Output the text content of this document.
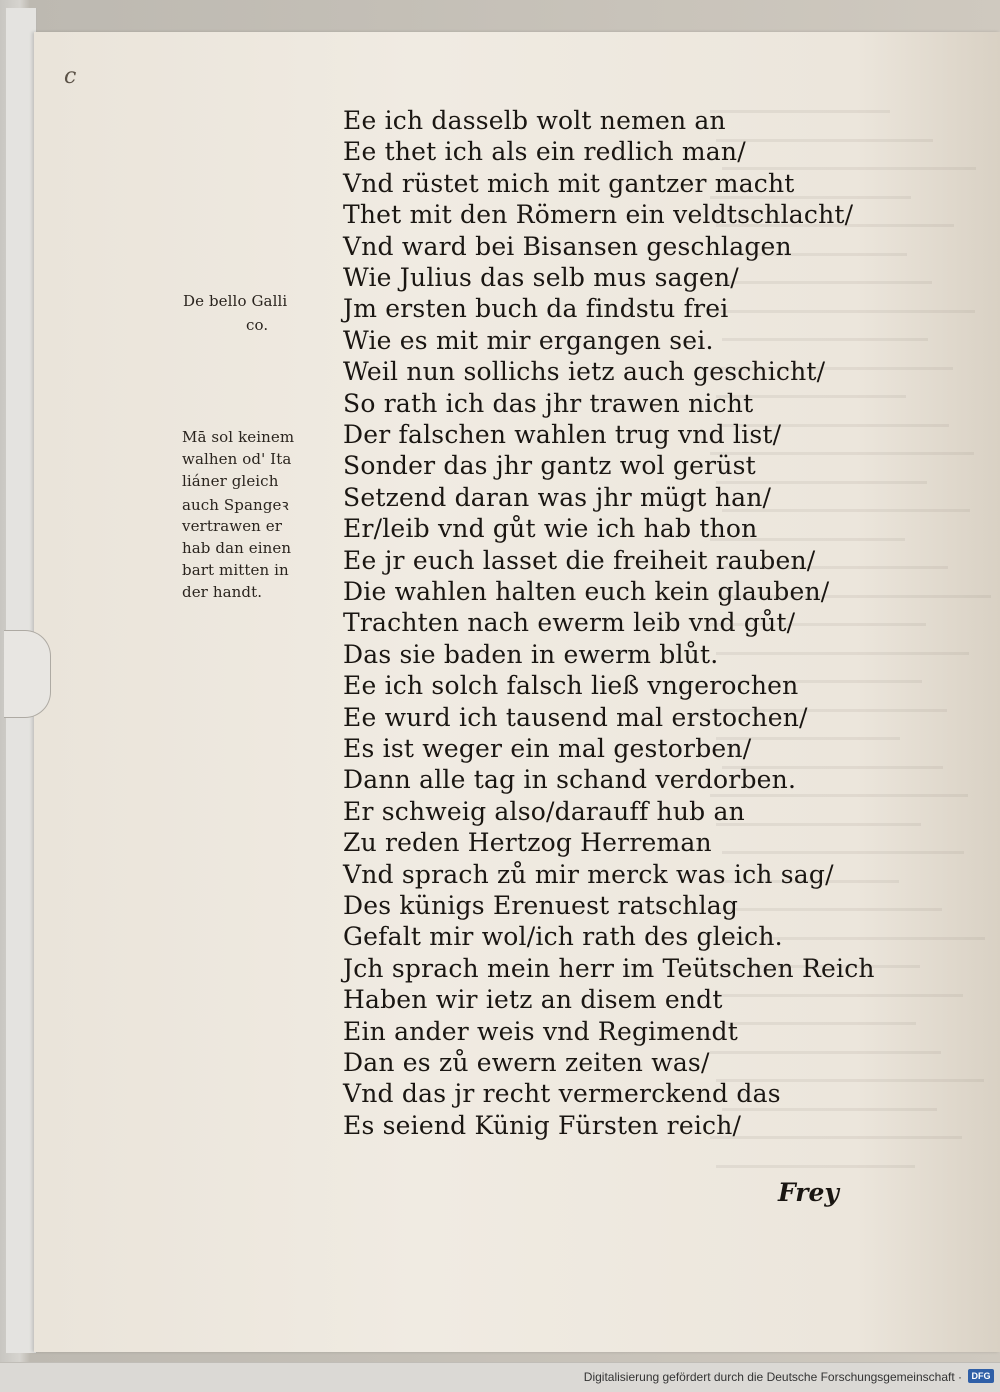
c
De bello Galli
co.
Mā sol keinem
walhen od' Ita
liáner gleich
auch Spangeꝛ
vertrawen er
hab dan einen
bart mitten in
der handt.
Ee ich dasselb wolt nemen an
Ee thet ich als ein redlich man/
Vnd rüstet mich mit gantzer macht
Thet mit den Römern ein veldtschlacht/
Vnd ward bei Bisansen geschlagen
Wie Julius das selb mus sagen/
Jm ersten buch da findstu frei
Wie es mit mir ergangen sei.
Weil nun sollichs ietz auch geschicht/
So rath ich das jhr trawen nicht
Der falschen wahlen trug vnd list/
Sonder das jhr gantz wol gerüst
Setzend daran was jhr mügt han/
Er/leib vnd gůt wie ich hab thon
Ee jr euch lasset die freiheit rauben/
Die wahlen halten euch kein glauben/
Trachten nach ewerm leib vnd gůt/
Das sie baden in ewerm blůt.
Ee ich solch falsch ließ vngerochen
Ee wurd ich tausend mal erstochen/
Es ist weger ein mal gestorben/
Dann alle tag in schand verdorben.
Er schweig also/darauff hub an
Zu reden Hertzog Herreman
Vnd sprach zů mir merck was ich sag/
Des künigs Erenuest ratschlag
Gefalt mir wol/ich rath des gleich.
Jch sprach mein herr im Teütschen Reich
Haben wir ietz an disem endt
Ein ander weis vnd Regimendt
Dan es zů ewern zeiten was/
Vnd das jr recht vermerckend das
Es seiend Künig Fürsten reich/
Frey
Digitalisierung gefördert durch die Deutsche Forschungsgemeinschaft ·	DFG
